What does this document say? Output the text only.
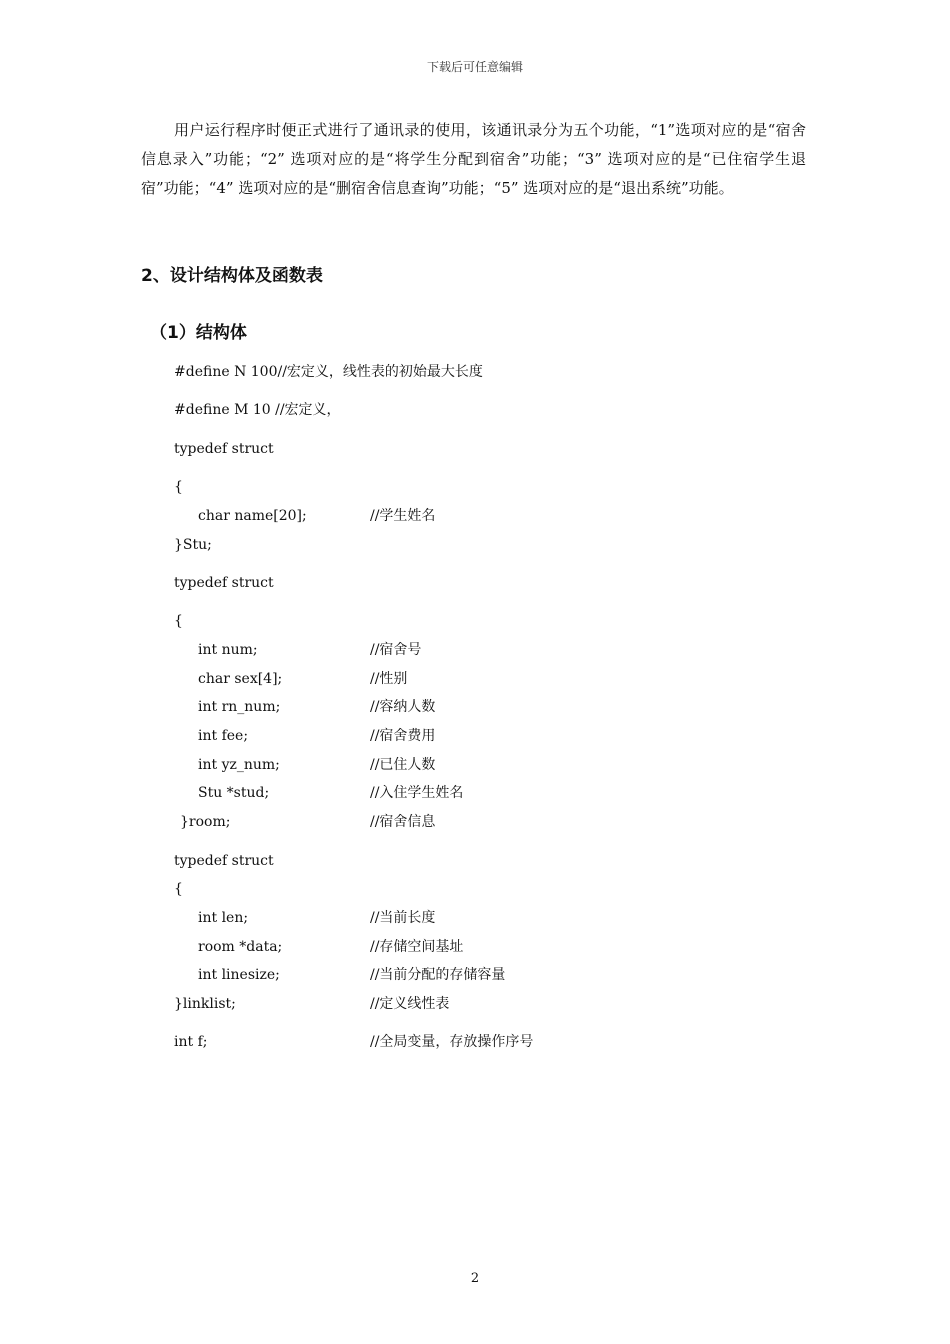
下载后可任意编辑

用户运行程序时便正式进行了通讯录的使用，该通讯录分为五个功能，“1”选项对应的是“宿舍信息录入”功能；“2” 选项对应的是“将学生分配到宿舍”功能；“3” 选项对应的是“已住宿学生退宿”功能；“4” 选项对应的是“删宿舍信息查询”功能；“5” 选项对应的是“退出系统”功能。

2、设计结构体及函数表
（1）结构体
#define N 100//宏定义，线性表的初始最大长度
#define M 10 //宏定义，
typedef struct
{
char name[20];	//学生姓名
}Stu;
typedef struct
{
int num;	//宿舍号
char sex[4];	//性别
int rn_num;	//容纳人数
int fee;	//宿舍费用
int yz_num;	//已住人数
Stu *stud;	//入住学生姓名
}room;	//宿舍信息
typedef struct
{
int len;	//当前长度
room *data;	//存储空间基址
int linesize;	//当前分配的存储容量
}linklist;	//定义线性表
int f;	//全局变量，存放操作序号
2
